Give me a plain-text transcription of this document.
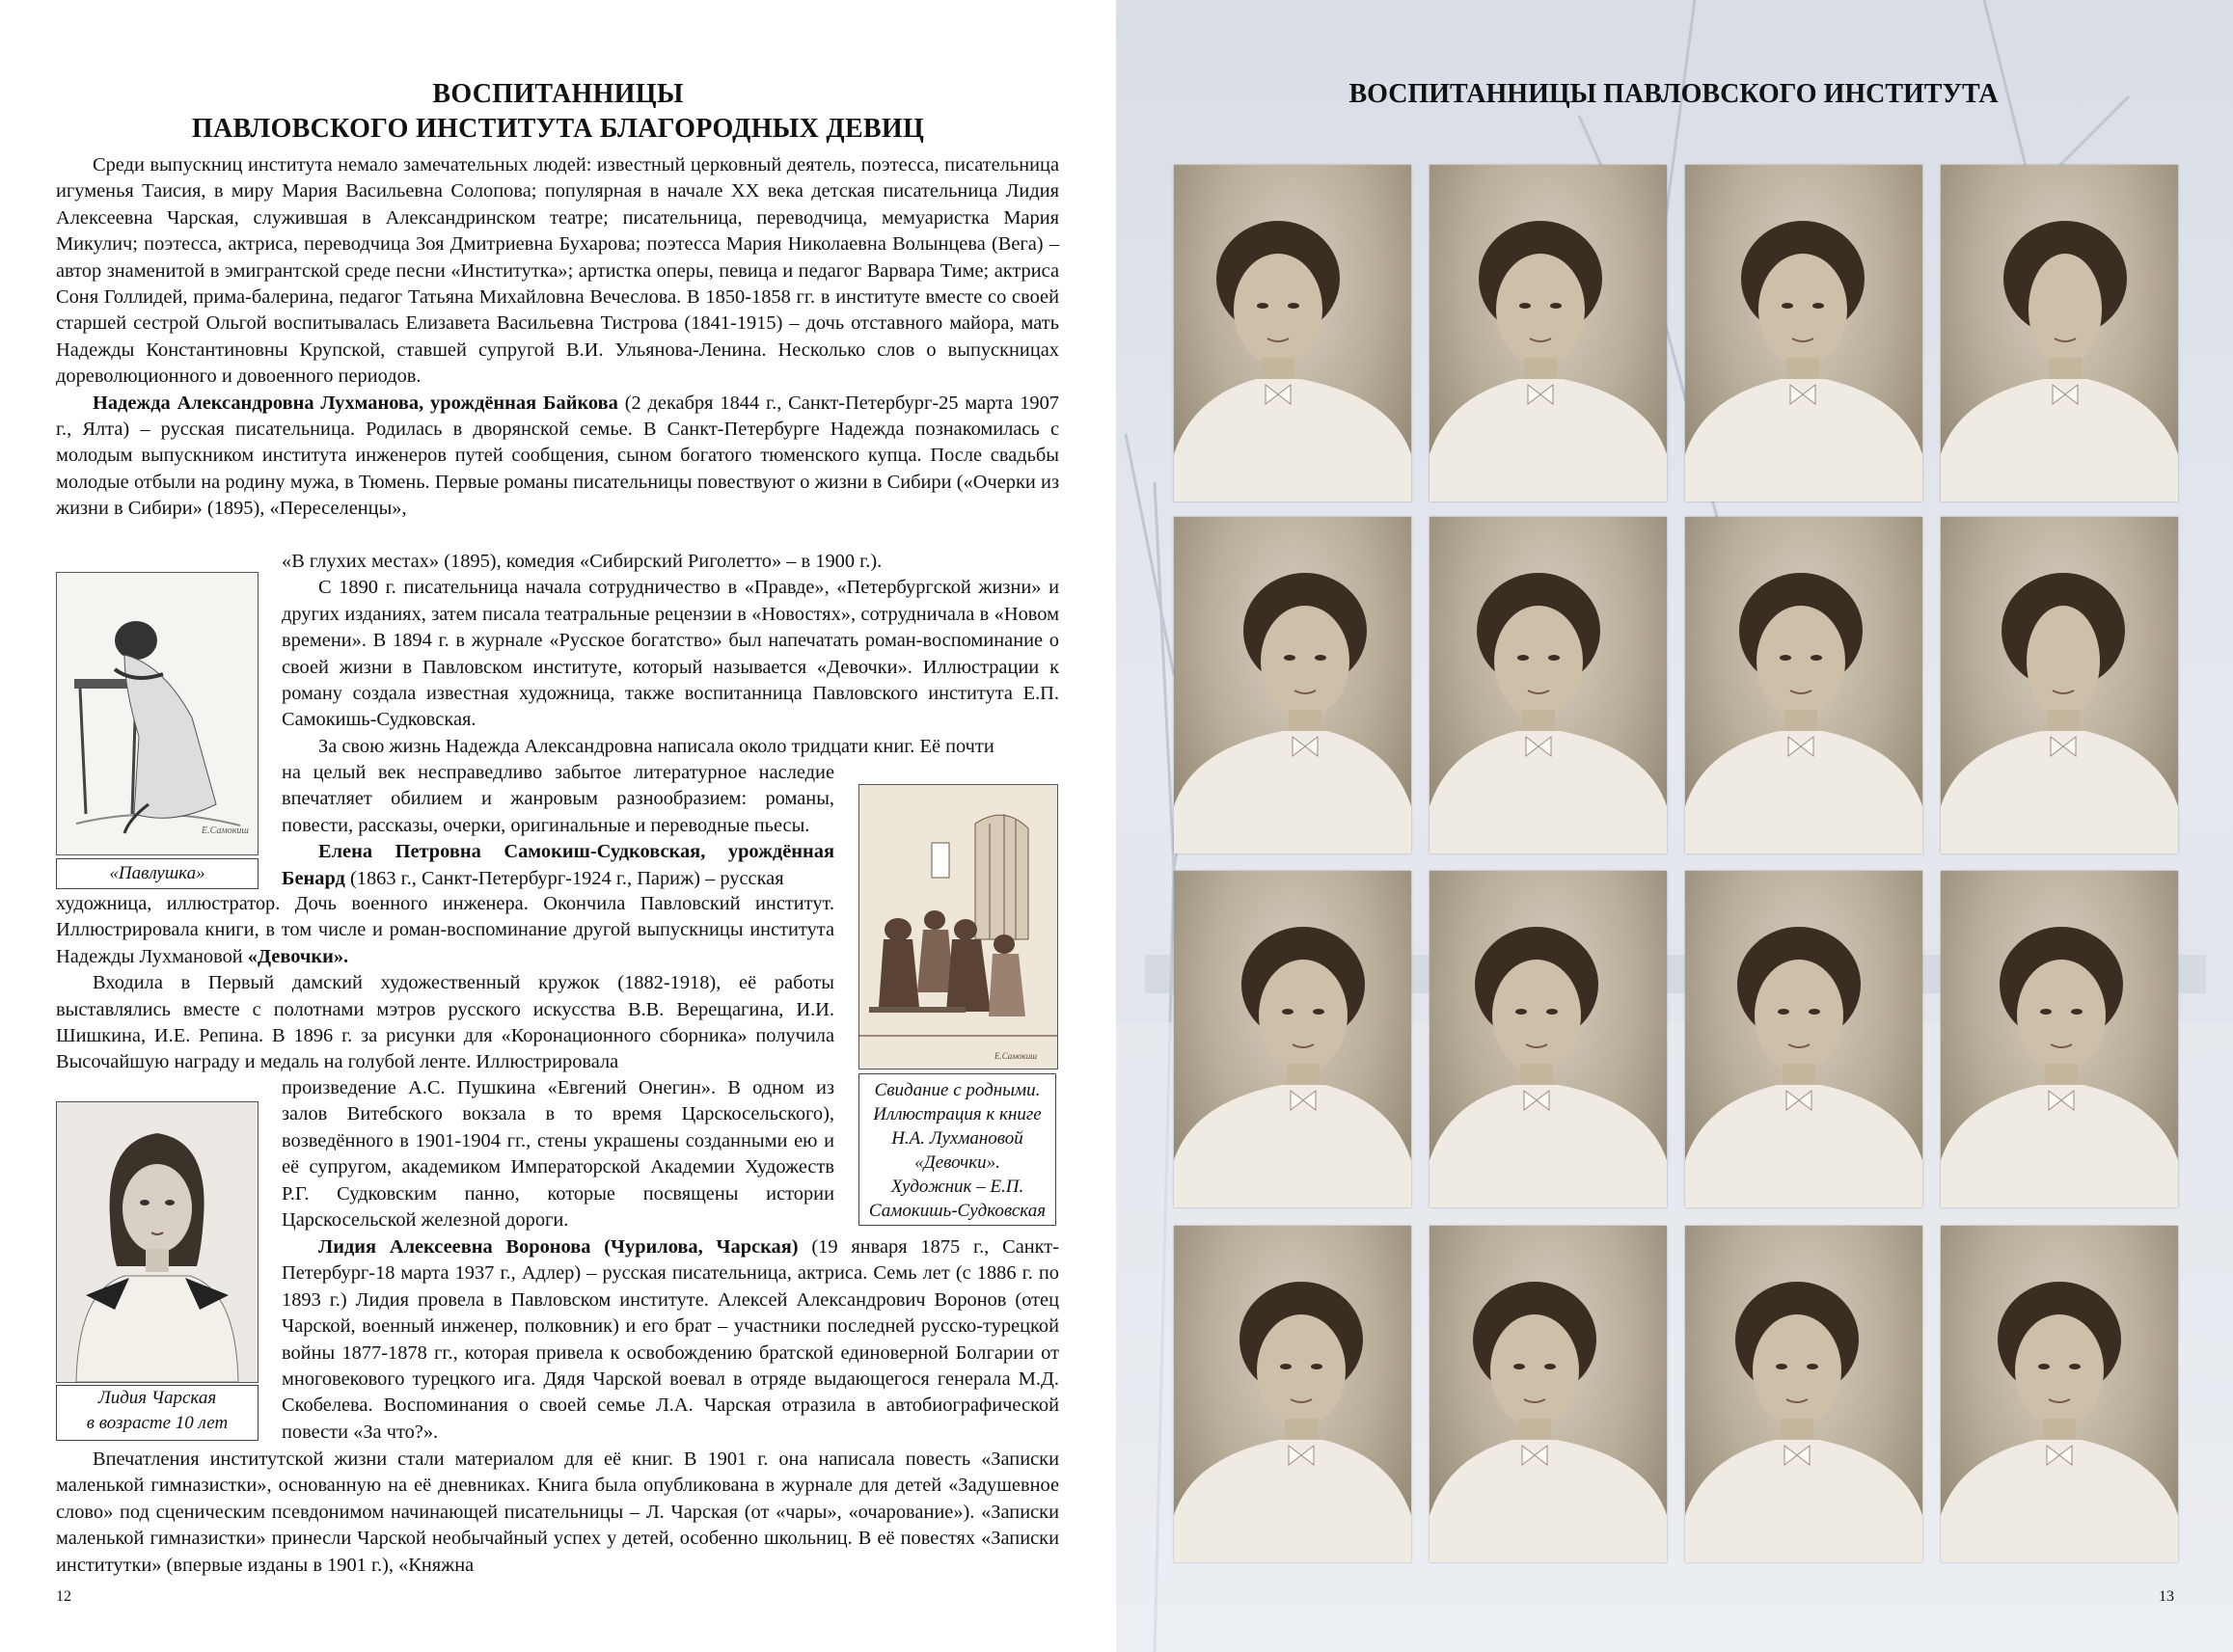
ВОСПИТАННИЦЫ
ПАВЛОВСКОГО ИНСТИТУТА БЛАГОРОДНЫХ ДЕВИЦ

Среди выпускниц института немало замечательных людей: известный церковный деятель, поэтесса, писательница игуменья Таисия, в миру Мария Васильевна Солопова; популярная в начале ХХ века детская писательница Лидия Алексеевна Чарская, служившая в Александринском театре; писательница, переводчица, мемуаристка Мария Микулич; поэтесса, актриса, переводчица Зоя Дмитриевна Бухарова; поэтесса Мария Николаевна Волынцева (Вега) – автор знаменитой в эмигрантской среде песни «Институтка»; артистка оперы, певица и педагог Варвара Тиме; актриса Соня Голлидей, прима-балерина, педагог Татьяна Михайловна Вечеслова. В 1850-1858 гг. в институте вместе со своей старшей сестрой Ольгой воспитывалась Елизавета Васильевна Тистрова (1841-1915) – дочь отставного майора, мать Надежды Константиновны Крупской, ставшей супругой В.И. Ульянова-Ленина. Несколько слов о выпускницах дореволюционного и довоенного периодов.

Надежда Александровна Лухманова, урождённая Байкова (2 декабря 1844 г., Санкт-Петербург-25 марта 1907 г., Ялта) – русская писательница. Родилась в дворянской семье. В Санкт-Петербурге Надежда познакомилась с молодым выпускником института инженеров путей сообщения, сыном богатого тюменского купца. После свадьбы молодые отбыли на родину мужа, в Тюмень. Первые романы писательницы повествуют о жизни в Сибири («Очерки из жизни в Сибири» (1895), «Переселенцы»,

Е.Самокиш
«Павлушка»

«В глухих местах» (1895), комедия «Сибирский Риголетто» – в 1900 г.).

С 1890 г. писательница начала сотрудничество в «Правде», «Петербургской жизни» и других изданиях, затем писала театральные рецензии в «Новостях», сотрудничала в «Новом времени». В 1894 г. в журнале «Русское богатство» был напечатать роман-воспоминание о своей жизни в Павловском институте, который называется «Девочки». Иллюстрации к роману создала известная художница, также воспитанница Павловского института Е.П. Самокишь-Судковская.

За свою жизнь Надежда Александровна написала около тридцати книг. Её почти

на целый век несправедливо забытое литературное наследие впечатляет обилием и жанровым разнообразием: романы, повести, рассказы, очерки, оригинальные и переводные пьесы.

Елена Петровна Самокиш-Судковская, урождённая Бенард (1863 г., Санкт-Петербург-1924 г., Париж) – русская

Е.Самокиш
Свидание с родными.
Иллюстрация к книге
Н.А. Лухмановой
«Девочки».
Художник – Е.П.
Самокишь-Судковская

художница, иллюстратор. Дочь военного инженера. Окончила Павловский институт. Иллюстрировала книги, в том числе и роман-воспоминание другой выпускницы института Надежды Лухмановой «Девочки».

Входила в Первый дамский художественный кружок (1882-1918), её работы выставлялись вместе с полотнами мэтров русского искусства В.В. Верещагина, И.И. Шишкина, И.Е. Репина. В 1896 г. за рисунки для «Коронационного сборника» получила Высочайшую награду и медаль на голубой ленте. Иллюстрировала

Лидия Чарская
в возрасте 10 лет

произведение А.С. Пушкина «Евгений Онегин». В одном из залов Витебского вокзала в то время Царскосельского), возведённого в 1901-1904 гг., стены украшены созданными ею и её супругом, академиком Императорской Академии Художеств Р.Г. Судковским панно, которые посвящены истории Царскосельской железной дороги.

Лидия Алексеевна Воронова (Чурилова, Чарская) (19 января 1875 г., Санкт-Петербург-18 марта 1937 г., Адлер) – русская писательница, актриса. Семь лет (с 1886 г. по 1893 г.) Лидия провела в Павловском институте. Алексей Александрович Воронов (отец Чарской, военный инженер, полковник) и его брат – участники последней русско-турецкой войны 1877-1878 гг., которая привела к освобождению братской единоверной Болгарии от многовекового турецкого ига. Дядя Чарской воевал в отряде выдающегося генерала М.Д. Скобелева. Воспоминания о своей семье Л.А. Чарская отразила в автобиографической повести «За что?».

Впечатления институтской жизни стали материалом для её книг. В 1901 г. она написала повесть «Записки маленькой гимназистки», основанную на её дневниках. Книга была опубликована в журнале для детей «Задушевное слово» под сценическим псевдонимом начинающей писательницы – Л. Чарская (от «чары», «очарование»). «Записки маленькой гимназистки» принесли Чарской необычайный успех у детей, особенно школьниц. В её повестях «Записки институтки» (впервые изданы в 1901 г.), «Княжна

12	13
ВОСПИТАННИЦЫ ПАВЛОВСКОГО ИНСТИТУТА
